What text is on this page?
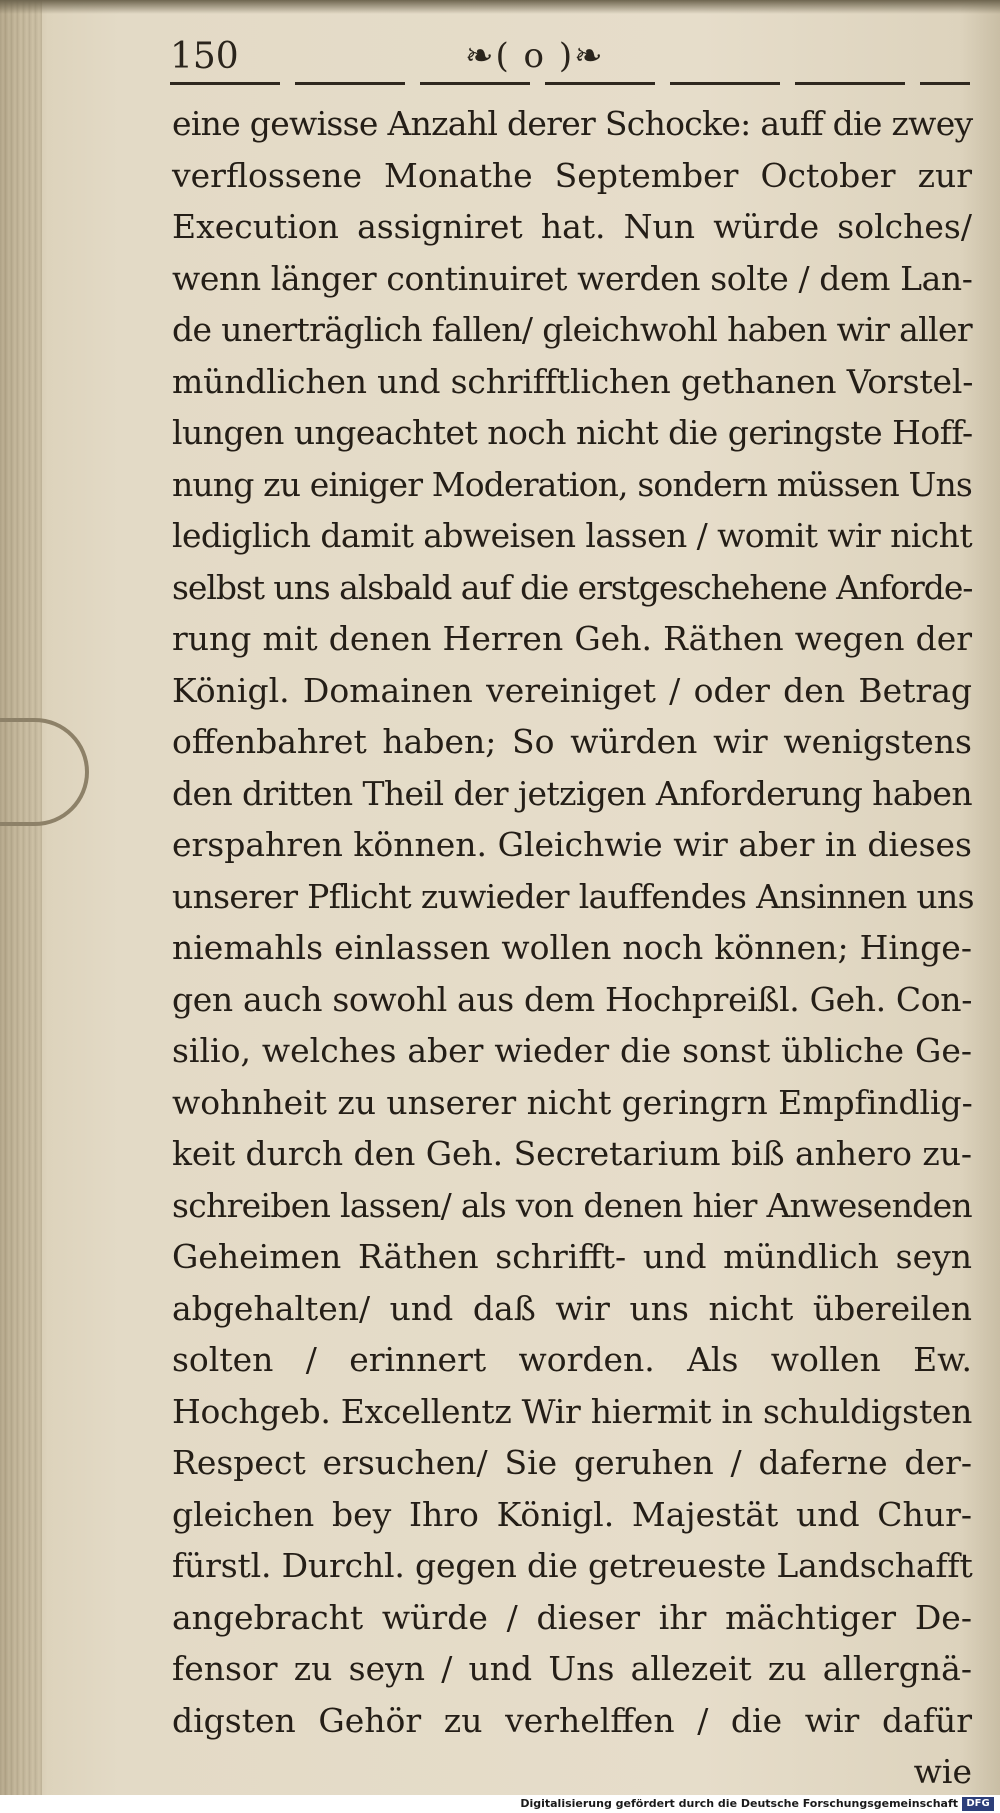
150	❧( o )❧
eine gewisse Anzahl derer Schocke: auff die zwey
verflossene Monathe September October zur
Execution assigniret hat. Nun würde solches/
wenn länger continuiret werden solte / dem Lan-
de unerträglich fallen/ gleichwohl haben wir aller
mündlichen und schrifftlichen gethanen Vorstel-
lungen ungeachtet noch nicht die geringste Hoff-
nung zu einiger Moderation, sondern müssen Uns
lediglich damit abweisen lassen / womit wir nicht
selbst uns alsbald auf die erstgeschehene Anforde-
rung mit denen Herren Geh. Räthen wegen der
Königl. Domainen vereiniget / oder den Betrag
offenbahret haben; So würden wir wenigstens
den dritten Theil der jetzigen Anforderung haben
erspahren können. Gleichwie wir aber in dieses
unserer Pflicht zuwieder lauffendes Ansinnen uns
niemahls einlassen wollen noch können; Hinge-
gen auch sowohl aus dem Hochpreißl. Geh. Con-
silio, welches aber wieder die sonst übliche Ge-
wohnheit zu unserer nicht geringrn Empfindlig-
keit durch den Geh. Secretarium biß anhero zu-
schreiben lassen/ als von denen hier Anwesenden
Geheimen Räthen schrifft- und mündlich seyn
abgehalten/ und daß wir uns nicht übereilen
solten / erinnert worden. Als wollen Ew.
Hochgeb. Excellentz Wir hiermit in schuldigsten
Respect ersuchen/ Sie geruhen / daferne der-
gleichen bey Ihro Königl. Majestät und Chur-
fürstl. Durchl. gegen die getreueste Landschafft
angebracht würde / dieser ihr mächtiger De-
fensor zu seyn / und Uns allezeit zu allergnä-
digsten Gehör zu verhelffen / die wir dafür
wie
Digitalisierung gefördert durch die Deutsche Forschungsgemeinschaft DFG
